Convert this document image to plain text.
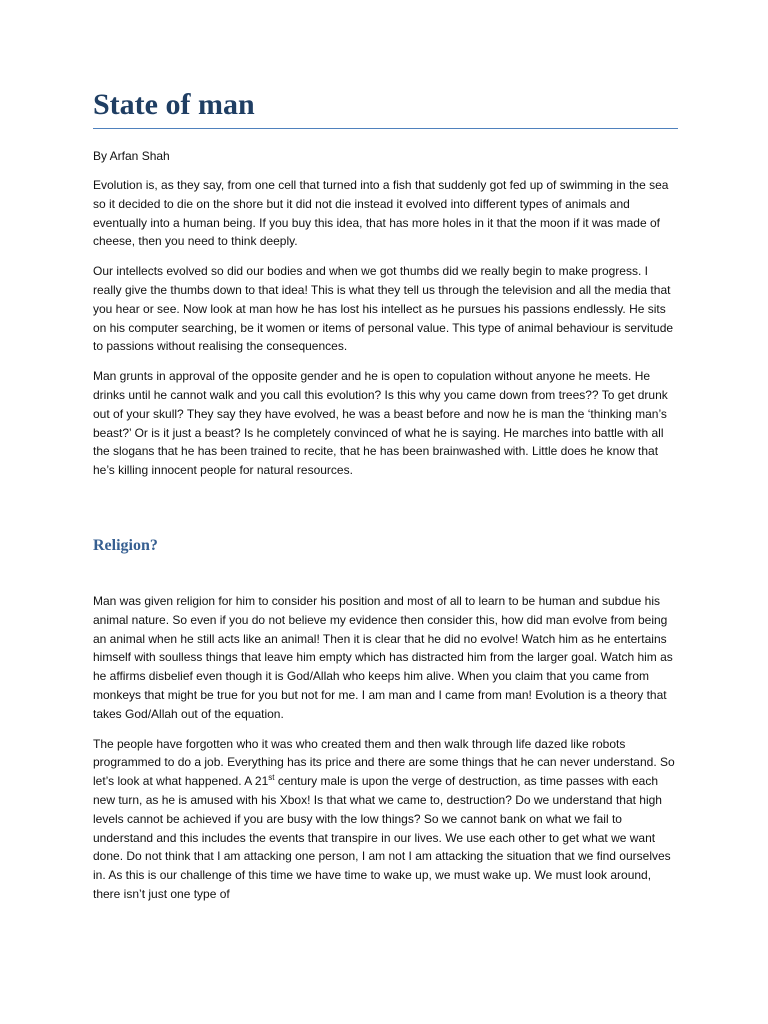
State of man

By Arfan Shah

Evolution is, as they say, from one cell that turned into a fish that suddenly got fed up of swimming in the sea so it decided to die on the shore but it did not die instead it evolved into different types of animals and eventually into a human being. If you buy this idea, that has more holes in it that the moon if it was made of cheese, then you need to think deeply.

Our intellects evolved so did our bodies and when we got thumbs did we really begin to make progress. I really give the thumbs down to that idea! This is what they tell us through the television and all the media that you hear or see. Now look at man how he has lost his intellect as he pursues his passions endlessly. He sits on his computer searching, be it women or items of personal value. This type of animal behaviour is servitude to passions without realising the consequences.

Man grunts in approval of the opposite gender and he is open to copulation without anyone he meets. He drinks until he cannot walk and you call this evolution? Is this why you came down from trees?? To get drunk out of your skull? They say they have evolved, he was a beast before and now he is man the ‘thinking man’s beast?’ Or is it just a beast? Is he completely convinced of what he is saying. He marches into battle with all the slogans that he has been trained to recite, that he has been brainwashed with. Little does he know that he’s killing innocent people for natural resources.

Religion?

Man was given religion for him to consider his position and most of all to learn to be human and subdue his animal nature. So even if you do not believe my evidence then consider this, how did man evolve from being an animal when he still acts like an animal! Then it is clear that he did no evolve! Watch him as he entertains himself with soulless things that leave him empty which has distracted him from the larger goal. Watch him as he affirms disbelief even though it is God/Allah who keeps him alive. When you claim that you came from monkeys that might be true for you but not for me. I am man and I came from man! Evolution is a theory that takes God/Allah out of the equation.

The people have forgotten who it was who created them and then walk through life dazed like robots programmed to do a job. Everything has its price and there are some things that he can never understand. So let’s look at what happened. A 21st century male is upon the verge of destruction, as time passes with each new turn, as he is amused with his Xbox! Is that what we came to, destruction? Do we understand that high levels cannot be achieved if you are busy with the low things? So we cannot bank on what we fail to understand and this includes the events that transpire in our lives. We use each other to get what we want done. Do not think that I am attacking one person, I am not I am attacking the situation that we find ourselves in. As this is our challenge of this time we have time to wake up, we must wake up. We must look around, there isn’t just one type of
